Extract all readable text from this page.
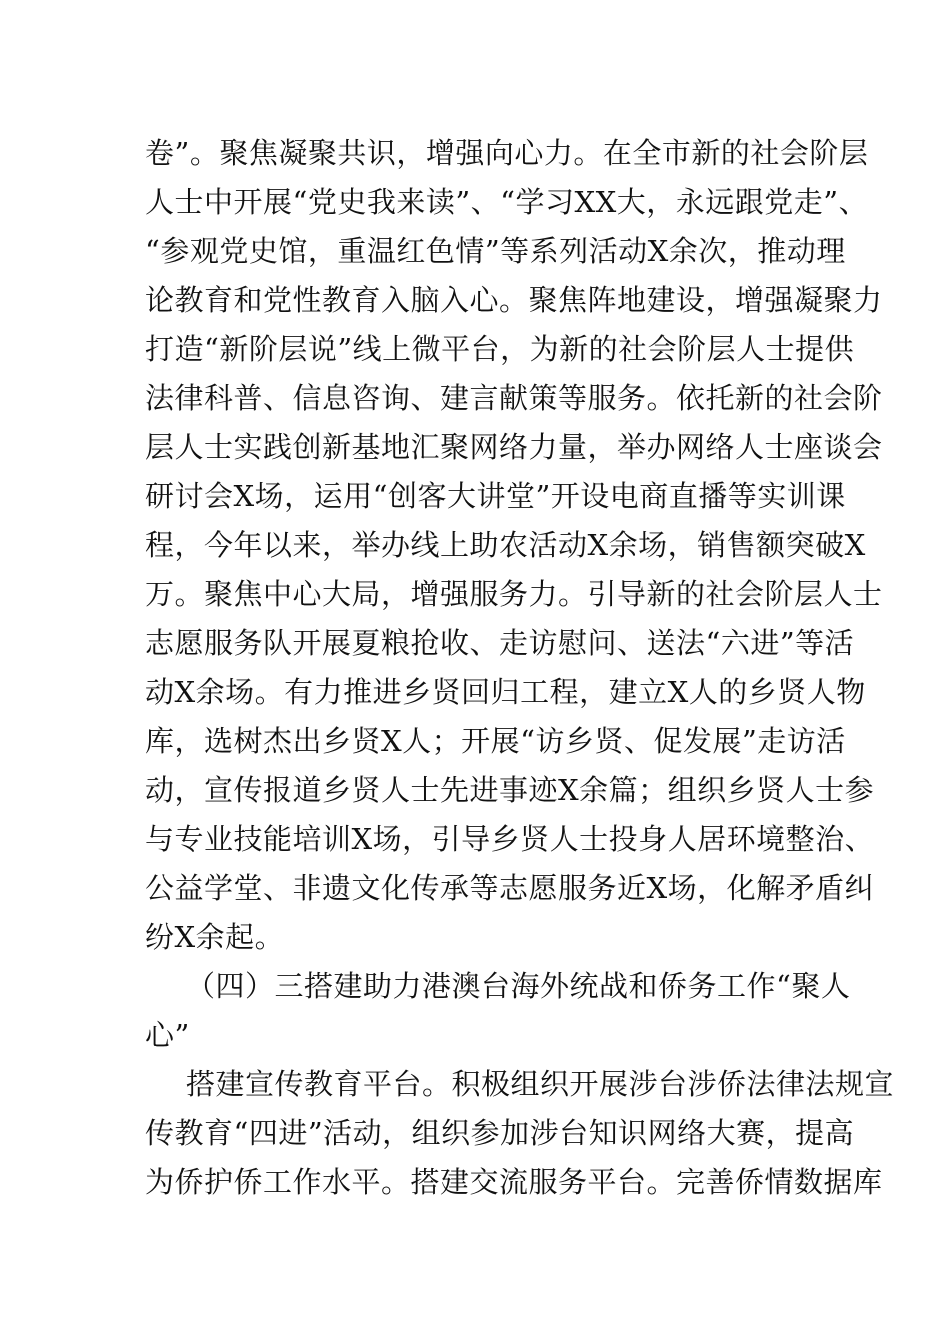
卷”。聚焦凝聚共识，增强向心力。在全市新的社会阶层

人士中开展“党史我来读”、“学习XX大，永远跟党走”、

“参观党史馆，重温红色情”等系列活动X余次，推动理

论教育和党性教育入脑入心。聚焦阵地建设，增强凝聚力

打造“新阶层说”线上微平台，为新的社会阶层人士提供

法律科普、信息咨询、建言献策等服务。依托新的社会阶

层人士实践创新基地汇聚网络力量，举办网络人士座谈会

研讨会X场，运用“创客大讲堂”开设电商直播等实训课

程，今年以来，举办线上助农活动X余场，销售额突破X

万。聚焦中心大局，增强服务力。引导新的社会阶层人士

志愿服务队开展夏粮抢收、走访慰问、送法“六进”等活

动X余场。有力推进乡贤回归工程，建立X人的乡贤人物

库，选树杰出乡贤X人；开展“访乡贤、促发展”走访活

动，宣传报道乡贤人士先进事迹X余篇；组织乡贤人士参

与专业技能培训X场，引导乡贤人士投身人居环境整治、

公益学堂、非遗文化传承等志愿服务近X场，化解矛盾纠

纷X余起。

（四）三搭建助力港澳台海外统战和侨务工作“聚人

心”

搭建宣传教育平台。积极组织开展涉台涉侨法律法规宣

传教育“四进”活动，组织参加涉台知识网络大赛，提高

为侨护侨工作水平。搭建交流服务平台。完善侨情数据库
